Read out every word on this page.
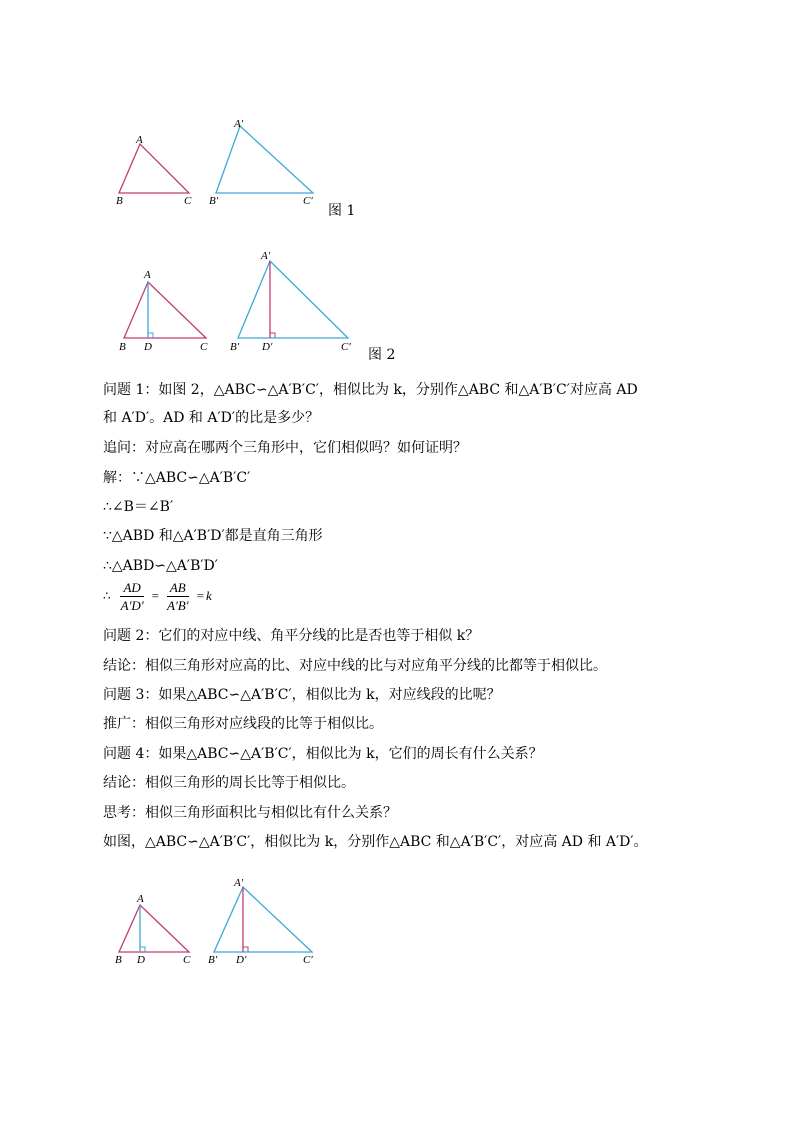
A
B	C
A′
B′	C′
图 1
A
B D	C
A′
B′ D′	C′ 图 2
问题 1：如图 2，△ABC∽△A′B′C′，相似比为 k，分别作△ABC 和△A′B′C′对应高 AD
和 A′D′。AD 和 A′D′的比是多少？
追问：对应高在哪两个三角形中，它们相似吗？如何证明？
解：∵△ABC∽△A′B′C′
∴∠B＝∠B′
∵△ABD 和△A′B′D′都是直角三角形
∴△ABD∽△A′B′D′
∴ $\frac{AD}{A'D'} = \frac{AB}{A'B'} = k$
问题 2：它们的对应中线、角平分线的比是否也等于相似 k？
结论：相似三角形对应高的比、对应中线的比与对应角平分线的比都等于相似比。
问题 3：如果△ABC∽△A′B′C′，相似比为 k，对应线段的比呢？
推广：相似三角形对应线段的比等于相似比。
问题 4：如果△ABC∽△A′B′C′，相似比为 k，它们的周长有什么关系？
结论：相似三角形的周长比等于相似比。
思考：相似三角形面积比与相似比有什么关系？
如图，△ABC∽△A′B′C′，相似比为 k，分别作△ABC 和△A′B′C′，对应高 AD 和 A′D′。
A
B D	C
A′
B′ D′	C′
